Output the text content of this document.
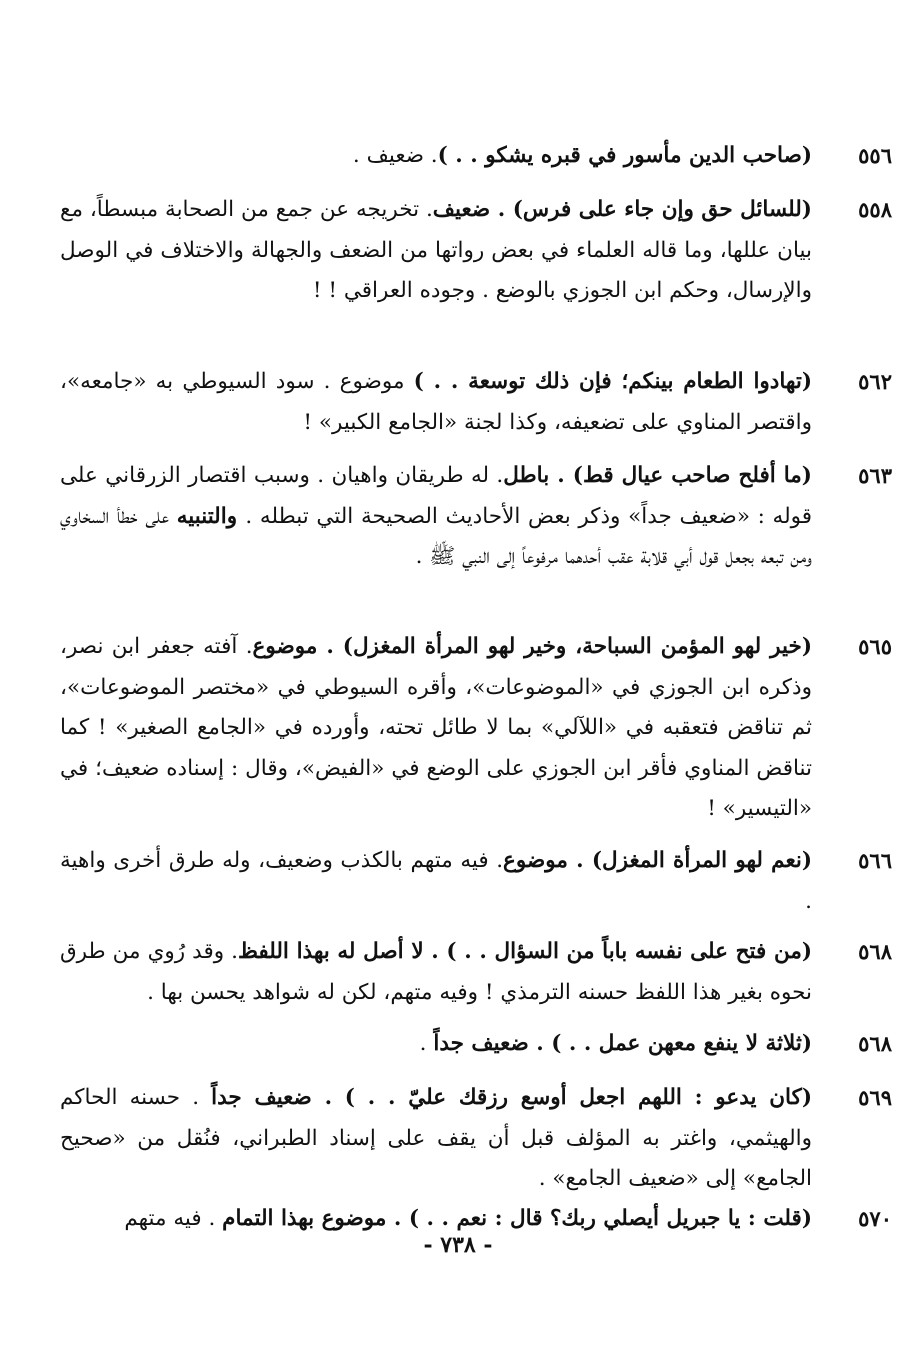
٥٥٦
(صاحب الدين مأسور في قبره يشكو . . ). ضعيف .
٥٥٨
(للسائل حق وإن جاء على فرس) . ضعيف. تخريجه عن جمع من الصحابة مبسطاً، مع بيان عللها، وما قاله العلماء في بعض رواتها من الضعف والجهالة والاختلاف في الوصل والإرسال، وحكم ابن الجوزي بالوضع . وجوده العراقي ! !
٥٦٢
(تهادوا الطعام بينكم؛ فإن ذلك توسعة . . ) موضوع . سود السيوطي به «جامعه»، واقتصر المناوي على تضعيفه، وكذا لجنة «الجامع الكبير» !
٥٦٣
(ما أفلح صاحب عيال قط) . باطل. له طريقان واهيان . وسبب اقتصار الزرقاني على قوله : «ضعيف جداً» وذكر بعض الأحاديث الصحيحة التي تبطله . والتنبيه على خطأ السخاوي ومن تبعه بجعل قول أبي قلابة عقب أحدهما مرفوعاً إلى النبي ﷺ .
٥٦٥
(خير لهو المؤمن السباحة، وخير لهو المرأة المغزل) . موضوع. آفته جعفر ابن نصر، وذكره ابن الجوزي في «الموضوعات»، وأقره السيوطي في «مختصر الموضوعات»، ثم تناقض فتعقبه في «اللآلي» بما لا طائل تحته، وأورده في «الجامع الصغير» ! كما تناقض المناوي فأقر ابن الجوزي على الوضع في «الفيض»، وقال : إسناده ضعيف؛ في «التيسير» !
٥٦٦
(نعم لهو المرأة المغزل) . موضوع. فيه متهم بالكذب وضعيف، وله طرق أخرى واهية .
٥٦٨
(من فتح على نفسه باباً من السؤال . . ) . لا أصل له بهذا اللفظ. وقد رُوي من طرق نحوه بغير هذا اللفظ حسنه الترمذي ! وفيه متهم، لكن له شواهد يحسن بها .
٥٦٨
(ثلاثة لا ينفع معهن عمل . . ) . ضعيف جداً .
٥٦٩
(كان يدعو : اللهم اجعل أوسع رزقك عليّ . . ) . ضعيف جداً . حسنه الحاكم والهيثمي، واغتر به المؤلف قبل أن يقف على إسناد الطبراني، فنُقل من «صحيح الجامع» إلى «ضعيف الجامع» .
٥٧٠
(قلت : يا جبريل أيصلي ربك؟ قال : نعم . . ) . موضوع بهذا التمام . فيه متهم
- ٧٣٨ -
